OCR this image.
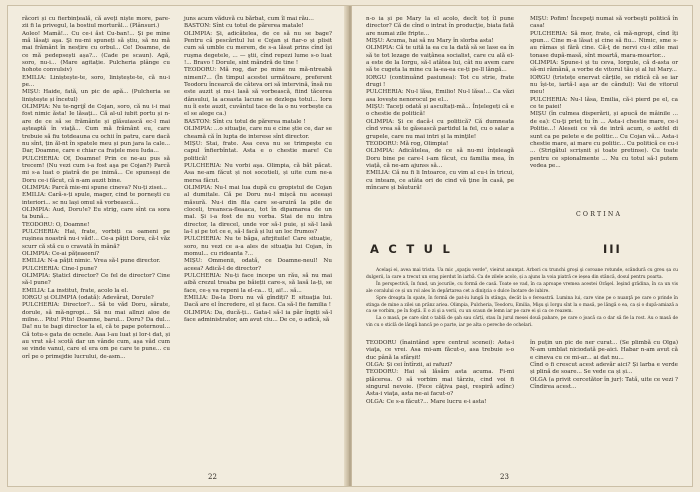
răcori și cu fierbințeală, că aveți niște more, pare-zii fi la privegul, la bostiul morturăl... (Plânsuri.)

Aoleo! Mamă!... Cu ce-i ăst Cu-ban!... Și pe mine mă lăsaţi aşa. Şi nu-mi spuneți să știu, să nu mă mai frământ în nesțire cu orbul... Ce! Doamne, de ce mă pedepsești așa?... (Cade pe scaun). Agă, soro, nu-i... (Mare agitație. Pulcheria plânge cu hohote convulsiv)

EMILIA: Liniștește-te, soro, liniștește-te, că nu-i pe...

MIȘU: Haide, fată, un pic de apă... (Pulcheria se liniștește și încetul)

OLIMPIA: Nu te-ngrijî de Cojan, soro, că nu i-i mai fost nimic ăsta! Ie lăsați... Că al-ul iubit portu și n-are de ce să se frământe și glăsuiască ec-l mai așteaptă în viaţă... Cum mă frământ eu, care trebuie să fiu totdeauna cu ochii în patru, care dacă nu sînt, țin ăl-nt în spatele meu și pun jara la cale... Dar, Doamne, care e chiar ca frațele meu Iuda...

PULCHERIA: Of, Doamne! Prin ce ne-au pus să trecem! (Nu vezi cum i-a fost aşa pe Cojan?) Parcă mi s-a luat o piatră de pe inimă... Ce spunseși de Doru ce-i făcut, că n-am auzit bine.

OLIMPIA: Parcă mie-mi spune cineva? Nu-ți zisei...

EMILIA: Cară-s-ți spule, mager, cind te porneşti cu interiori... sc nu lași omul să vorbească...

OLIMPIA: Aud, Doru!e? Eu strig, care sînt ca sora ta bună...

TEODORU: O, Doamne!

PULCHERIA: Hai, frate, vorbiți ca oameni pe rușinea noastră nu-i văd!... Ce-a pățit Doru, că-l văz scurr că stă cu o cravată în mână?

OLIMPIA: Ce-ai pățeaeeni?

EMILIA: N-a pățit nimic. Vrea să-l pune director.

PULCHERIA: Cine-l pune?

OLIMPIA: Ștaticl director? Ce fel de director? Cine să-l pune?

EMILIA: La institut, frate, acolo la el.

IORGU și OLIMPIA (odată): Adevărat, Dorule?

PULCHERIA: Director?... Să te văd Doru, sărate, dorule, să mă-ngropi... Să nu mai allnzi aloe de milne... Pitu! Pitu! Doamne, barul... Doru? Da dul... Da! nu te bagi director la el, că te pape poternoul... Că totu-s gata de ocnele. Aaa l-au luat și lor-i dat, și au vrut să-l scotă dar un vânde cum, așa văd cum se vinde vanul, care el era om pe care te pune... cu orî pe o primejdie lucrului, de-asm...

juns acum văduvă cu bărbat, cum îl mai rău...

BASTON: Sînt cu totul de părerea matale!

OLIMPIA: Și, adicăteleа, de ce să nu se bage? Pentru că pescăritul lui e Cojan și fiar-o și plisit cum să umble cu merem, de s-a lăsat prins cînd își ruşma degetele, ... — ştii, cînd repezi lume s-o luat !... Bravo ! Dorule, sint mândră de tine !

TEODORU: Mă rog, dar pe mine nu mă-ntreabă nimeni?... (În timpul acestei următoare, preferent Teodoru încearcă de câteva ori să intervină, însă nu este auzit și nu-i lasă să vorbească, fiind tăcerea dânsului, la aceasta lacune se dezlega totul... Ioru nu îi este auzit, cuvântul tace de la o nu vorbește ca el se alege ca.)

BASTON: Sînt cu totul de părerea matale !

OLIMPIA: ...o situaţie, care nu e cine știe ce, dar se cheamă că în lupta de interese sînt director.

MIȘU: Stai, frate. Asa ceva nu se trimpește cu capul înfierbîntat. Asta e o chestie mare! Cu politică!

PULCHERIA: Nu vorbi aşa. Olimpia, că băt păcat. Asa ne-am făcut și noi socotieli, și uite cum ne-a mersa făcut.

OLIMPIA: Nu-l mai lua după cu gropistul de Cojan al dumitale. Că pe Doru nu-l mișcă nu aceeași măsură. Nu-i din fila care se-aruiră la pile de cloceli, treansca-fleaaca, tot în dipamarea de un mal. Și i-a fost de nu vorba. Stai de nu intra director, la direcel, unde vor să-l puie, și să-l lasă la-l și pe tot ce e, să-l facă și lui un loc frumos?

PULCHERIA: Nu te băga, afirjituile! Care situaţie, soro, nu vezi ce a-a ales de situaţia lui Cojan, în momul... cu rideanta ?...

MIȘU: Ommenii, odată, ce Doamne-neul! Nu aceea? Adică-l de director?

PULCHERIA: Nu-ți face incepe un rău, să nu mai aibă crezul treaba pe băieții care-s, să lasă la-ți, se face, ce-ș va repeni la el-ca... tl, ai!... să...

EMILIA: Da-la Doru nu vă gîndiți? E situaţia lui. Dacă are el încredere, el și face. Ca să-l fie familia !

OLIMPIA: Da, ducă-ți... Gata-l să-l ia păr îngiți să-l face administrator, am avut ciu... De ce, o adică, să

22

n-o ia și pe Mary la el acolo, decît toț îl pune director? Că de cînd o intrat în producţie, biata fată are numai zile fripte...

MIȘU: Acuma, hai să nu Mary în slorba asta!

OLIMPIA: Că te uită la ea cu la dată să se lase ea în să te tot lezage de vaițânea socialist, care cu ală el-a este de la Iorgu, să-l atâtea lui, cât nu avem care să te cugeta la mine cu la-ea-ea ce-ți pe-ll lângă...

IORGU (continuând pasiunea): Tot cu strie, frate drugi !

PULCHERIA: Nu-l lăsa, Emilio! Nu-l lăsa!... Ca văzi asa lovește nenorocul pe el...

MIȘU: Taceţi odată și ascultați-mă... Înțelegeți că e o chestie de politică!

OLIMPIA: Și ce dacă-i cu politică? Că dumneata cînd vrea să te găsească partidul la fel, cu o salar a grupele, care nu mai intri și la minţile!

TEODORU: Mă rog, Olimpia!

OLIMPIA: Adicătelea, de ce să nu-mi înțeleagă Doru bine pe care-l i-am făcut, cu familia mea, în viață, că ne-am ajunss să...

EMILIA: Că nu fi li Intoarce, cu vim al cu-i în tricui, cu inteam, ce atâta ori de cind vă ţine în casă, pe mîncare și băutură!

MIȘU: Pofim! Începeţi numai să vorbeşti politică în casa!

PULCHERIA: Să mor, frate, că mă-ngropi, cînd îți spun... Cine m-a lăsat și cine să fiu... Nimic, sme s-au râmas și fără cine. Că-ţ de nervi cu-i zilie mai tonase dupâ-masă, sînt moartă, mara-moartor...

OLIMPIA: Spune-i și tu ceva, Iorgule, că d-asta or să-mi rămână, a vorbe de vitorul tău și al lui Mary...

IORGU (tristețe enervat cărțile, se ridică că se iar nu își-te, iartă-l aşa ar de cândul): Vai de vitorul meu!

PULCHERIA: Nu-l lăsa, Emilia, că-i pierd pe el, ca ce te paiei!

MIȘU (în culmea disperării, și apucă de mâinile ... de ea): Cu-ţi prieț tu în ... Asta-i chestie mare, ce-i Politie...! Aleseii ce vă de intră acum, o astfel di sunt ca pe pelete e de politic... Cu Cojan vă... Asta-i chestie mare, ai mare cu politic... Cu politică ce cu-i ... (Strigătul scrișnit și toate pretinse). Cu toate pentru ce spionalmente ... Nu cu totul să-l putem vedea pe...

CORTINA
ACTUL	III

Acelaşi ei, avea mai trista. Ua mic „spaţiu verde", vieirut anunţat. Arbori cu trunchi groşi şi coroane rotunde, scândură cu greu șa cu dulgerii, la care a trecut un oraş pierdut în iarbă. Ca de zilele acolo, și a ajuns la voia piatră ce ieșea din stâncă, dosul pentru poarta.

În perspectivă, în fund, un jocurile, cu formă de casă. Toate se vad, în ca aproape vremea acestei Orăşel. Ieşind grădina, în ca un vis ale coralului ce și un rol ales în depărtarea cet a diniţcia o dulce înotare de iubire.

Spre dreapta în spate, în formă de pat-iu lungă în stânga, decât la o fereastră. Lumina lui, care vine pe o nuanţă pe care o prinde în stinga de mine a zilei un prânz ariea. Olimpia, Pulcheria, Teodoru, Emilia, Mişu şi Iorgu sînt la o masă, pe lângă o ea, ca și o după-amiază a ca se vorbim, pe în foştă. E o zi și a verii, cu un scaun de lemn iar pe care ei și ca ce reazem.

La o masă, pe care sînt o tablă de şah sau cărți, stau în jurul mesei două pahare, pe care o joacă ca o dar să fie la rost. Au o masă de vin cu o sticlă de lângă bancă pe o parte, iar pe alta o pereche de ochelari.

TEODORU (înaintând spre centrul scenei): Asta-i viaţa, ce vrei. Asa mi-am făcut-o, asa trebuie s-o duc până la sfârșit!

OLGA: Și cei întîrzii, ai rafuzi?

TEODORU: Hai să lăsăm asta acuma. Fi-mi plăcerea. O să vorbim mai târziu, cind voi fi singurul nevoie. (Fece câţiva paşi, respiră adînc) Asta-i viaţa, asta ne-ai facut-o?

OLGA: Ce s-a făcut?... Mare lucru e-i asta!

în puțin un pic de ner curat... (Se plimbă cu Olga) N-am umblat niciodată pe-aici. Habar n-am avut că e cineva cu ce mi-ar... ai dat nu...

Cînd o fi crescut acest adevăr aici? Și larba e verde și plină de soare... Se vede ca și și...

OLGA (a privit cercetător în jur): Tată, uite ce vezi ? Cîndirea acest...

23
